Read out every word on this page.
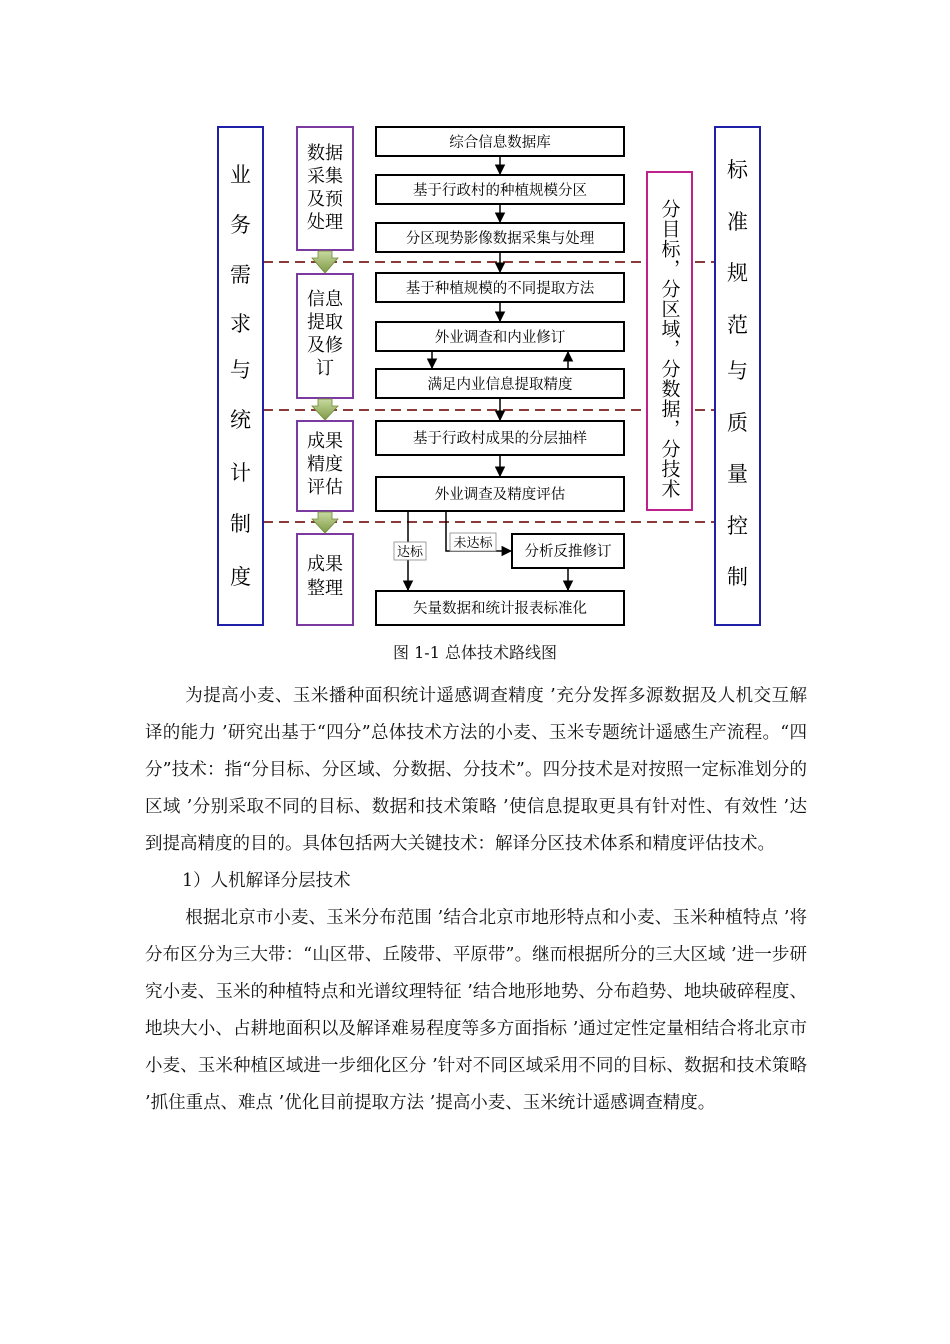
业
务
需
求
与
统
计
制
度
标
准
规
范
与
质
量
控
制
数据
采集
及预
处理
信息
提取
及修
订
成果
精度
评估
成果
整理
分目标，分区域，分数据，分技术
综合信息数据库
基于行政村的种植规模分区
分区现势影像数据采集与处理
基于种植规模的不同提取方法
外业调查和内业修订
满足内业信息提取精度
基于行政村成果的分层抽样
外业调查及精度评估
分析反推修订
矢量数据和统计报表标准化
达标
未达标
图 1-1 总体技术路线图

为提高小麦、玉米播种面积统计遥感调查精度 ’充分发挥多源数据及人机交互解译的能力 ’研究出基于“四分”总体技术方法的小麦、玉米专题统计遥感生产流程。“四分”技术：指“分目标、分区域、分数据、分技术”。四分技术是对按照一定标准划分的区域 ’分别采取不同的目标、数据和技术策略 ’使信息提取更具有针对性、有效性 ’达到提高精度的目的。具体包括两大关键技术：解译分区技术体系和精度评估技术。

1）人机解译分层技术

根据北京市小麦、玉米分布范围 ’结合北京市地形特点和小麦、玉米种植特点 ’将分布区分为三大带：“山区带、丘陵带、平原带”。继而根据所分的三大区域 ’进一步研究小麦、玉米的种植特点和光谱纹理特征 ’结合地形地势、分布趋势、地块破碎程度、地块大小、占耕地面积以及解译难易程度等多方面指标 ’通过定性定量相结合将北京市小麦、玉米种植区域进一步细化区分 ’针对不同区域采用不同的目标、数据和技术策略 ’抓住重点、难点 ’优化目前提取方法 ’提高小麦、玉米统计遥感调查精度。
